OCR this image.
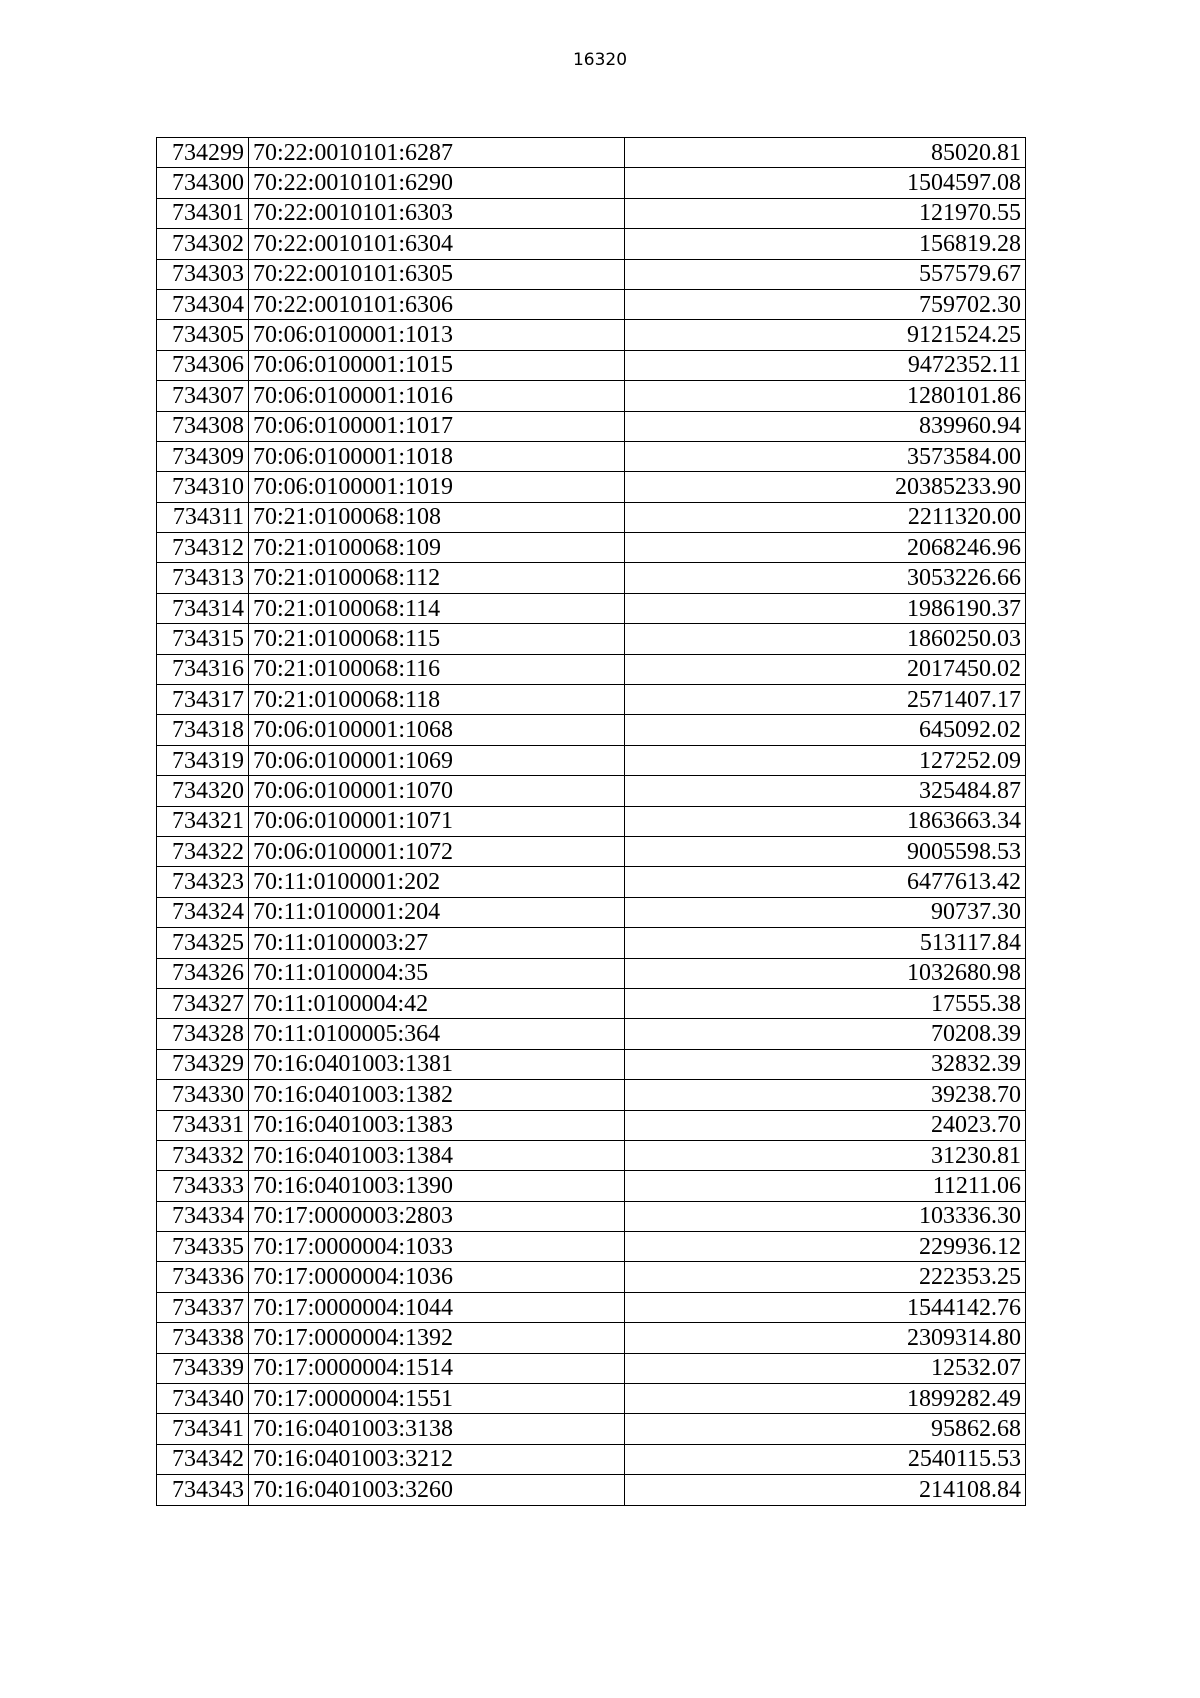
16320
734299	70:22:0010101:6287	85020.81
734300	70:22:0010101:6290	1504597.08
734301	70:22:0010101:6303	121970.55
734302	70:22:0010101:6304	156819.28
734303	70:22:0010101:6305	557579.67
734304	70:22:0010101:6306	759702.30
734305	70:06:0100001:1013	9121524.25
734306	70:06:0100001:1015	9472352.11
734307	70:06:0100001:1016	1280101.86
734308	70:06:0100001:1017	839960.94
734309	70:06:0100001:1018	3573584.00
734310	70:06:0100001:1019	20385233.90
734311	70:21:0100068:108	2211320.00
734312	70:21:0100068:109	2068246.96
734313	70:21:0100068:112	3053226.66
734314	70:21:0100068:114	1986190.37
734315	70:21:0100068:115	1860250.03
734316	70:21:0100068:116	2017450.02
734317	70:21:0100068:118	2571407.17
734318	70:06:0100001:1068	645092.02
734319	70:06:0100001:1069	127252.09
734320	70:06:0100001:1070	325484.87
734321	70:06:0100001:1071	1863663.34
734322	70:06:0100001:1072	9005598.53
734323	70:11:0100001:202	6477613.42
734324	70:11:0100001:204	90737.30
734325	70:11:0100003:27	513117.84
734326	70:11:0100004:35	1032680.98
734327	70:11:0100004:42	17555.38
734328	70:11:0100005:364	70208.39
734329	70:16:0401003:1381	32832.39
734330	70:16:0401003:1382	39238.70
734331	70:16:0401003:1383	24023.70
734332	70:16:0401003:1384	31230.81
734333	70:16:0401003:1390	11211.06
734334	70:17:0000003:2803	103336.30
734335	70:17:0000004:1033	229936.12
734336	70:17:0000004:1036	222353.25
734337	70:17:0000004:1044	1544142.76
734338	70:17:0000004:1392	2309314.80
734339	70:17:0000004:1514	12532.07
734340	70:17:0000004:1551	1899282.49
734341	70:16:0401003:3138	95862.68
734342	70:16:0401003:3212	2540115.53
734343	70:16:0401003:3260	214108.84
